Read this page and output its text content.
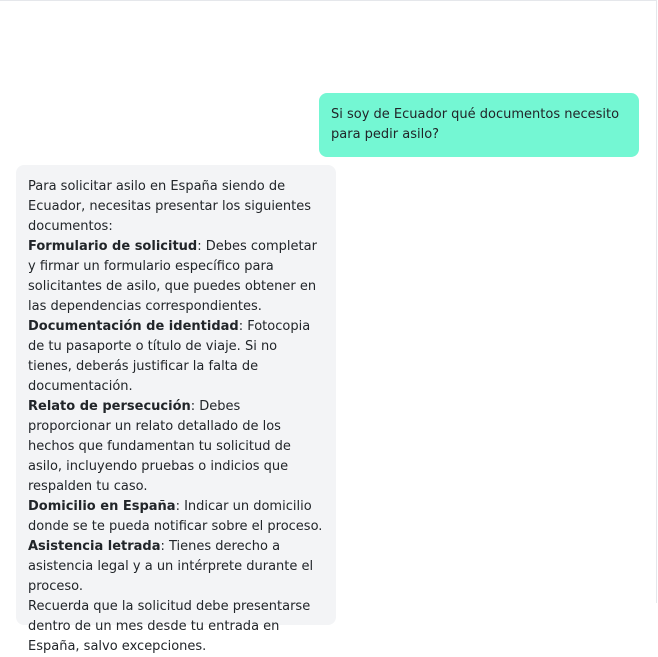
Si soy de Ecuador qué documentos necesito para pedir asilo?

Para solicitar asilo en España siendo de Ecuador, necesitas presentar los siguientes documentos:

Formulario de solicitud: Debes completar y firmar un formulario específico para solicitantes de asilo, que puedes obtener en las dependencias correspondientes.

Documentación de identidad: Fotocopia de tu pasaporte o título de viaje. Si no tienes, deberás justificar la falta de documentación.

Relato de persecución: Debes proporcionar un relato detallado de los hechos que fundamentan tu solicitud de asilo, incluyendo pruebas o indicios que respalden tu caso.

Domicilio en España: Indicar un domicilio donde se te pueda notificar sobre el proceso.

Asistencia letrada: Tienes derecho a asistencia legal y a un intérprete durante el proceso.

Recuerda que la solicitud debe presentarse dentro de un mes desde tu entrada en España, salvo excepciones.
